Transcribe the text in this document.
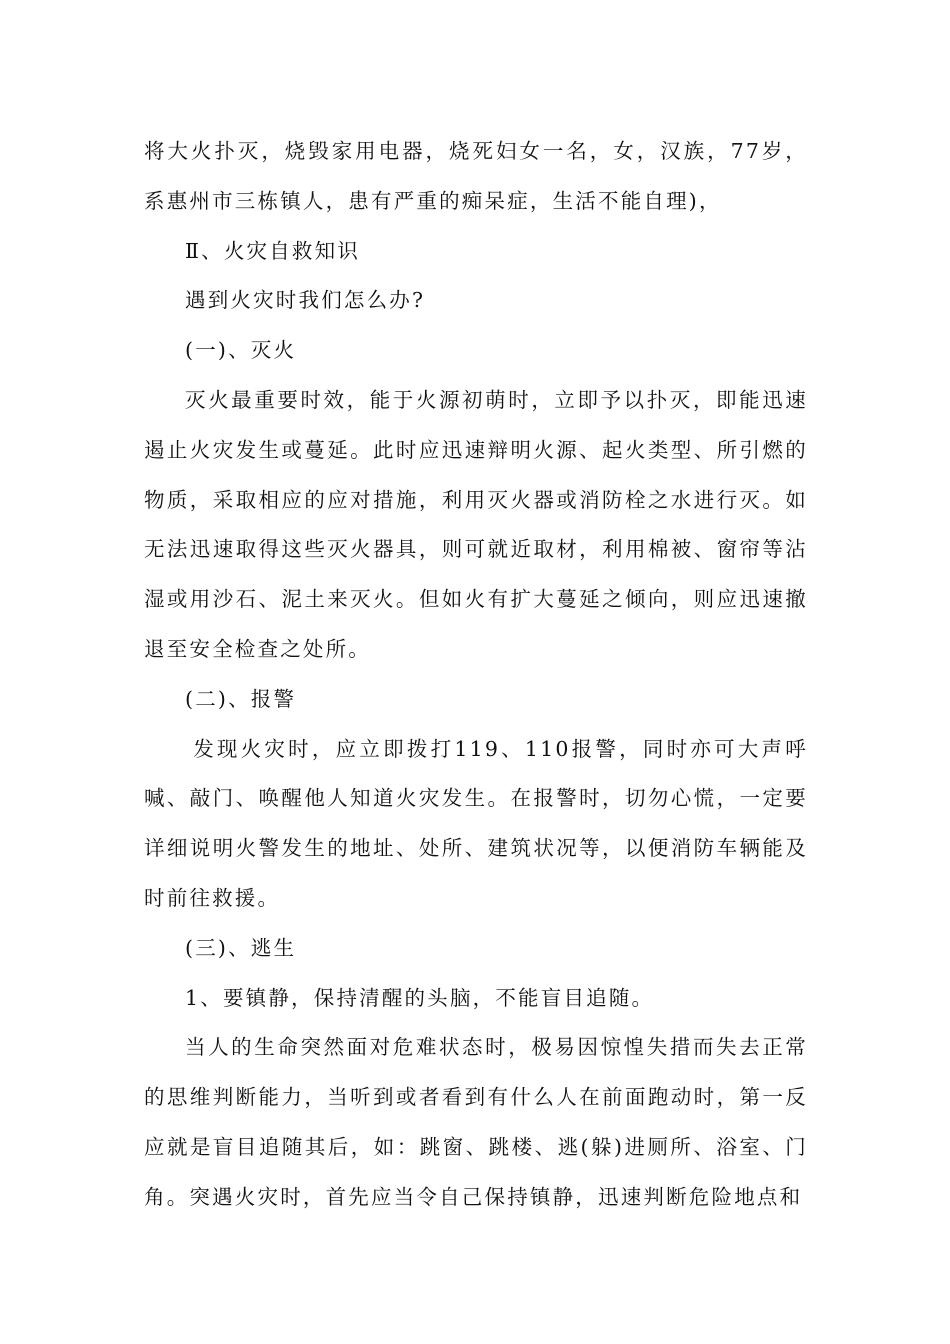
将大火扑灭，烧毁家用电器，烧死妇女一名，女，汉族，77岁，系惠州市三栋镇人，患有严重的痴呆症，生活不能自理)，

Ⅱ、火灾自救知识

遇到火灾时我们怎么办?

(一)、灭火

灭火最重要时效，能于火源初萌时，立即予以扑灭，即能迅速遏止火灾发生或蔓延。此时应迅速辩明火源、起火类型、所引燃的物质，采取相应的应对措施，利用灭火器或消防栓之水进行灭。如无法迅速取得这些灭火器具，则可就近取材，利用棉被、窗帘等沾湿或用沙石、泥土来灭火。但如火有扩大蔓延之倾向，则应迅速撤退至安全检查之处所。

(二)、报警

发现火灾时，应立即拨打119、110报警，同时亦可大声呼喊、敲门、唤醒他人知道火灾发生。在报警时，切勿心慌，一定要详细说明火警发生的地址、处所、建筑状况等，以便消防车辆能及时前往救援。

(三)、逃生

1、要镇静，保持清醒的头脑，不能盲目追随。

当人的生命突然面对危难状态时，极易因惊惶失措而失去正常的思维判断能力，当听到或者看到有什么人在前面跑动时，第一反应就是盲目追随其后，如：跳窗、跳楼、逃(躲)进厕所、浴室、门角。突遇火灾时，首先应当令自己保持镇静，迅速判断危险地点和
